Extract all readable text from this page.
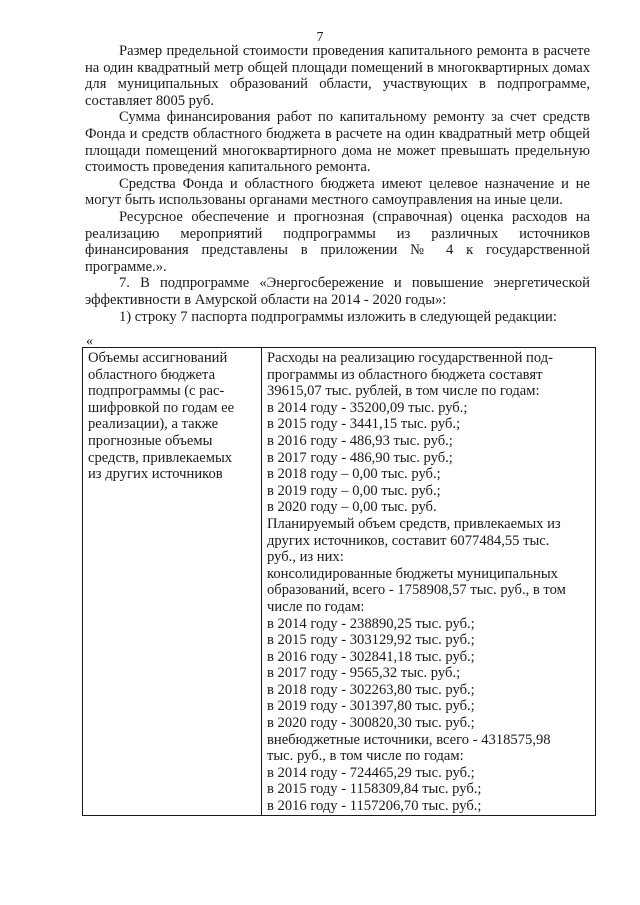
7

Размер предельной стоимости проведения капитального ремонта в расчете на один квадратный метр общей площади помещений в многоквартирных домах для муниципальных образований области, участвующих в подпрограмме, составляет 8005 руб.

Сумма финансирования работ по капитальному ремонту за счет средств Фонда и средств областного бюджета в расчете на один квадратный метр общей площади помещений многоквартирного дома не может превышать предельную стоимость проведения капитального ремонта.

Средства Фонда и областного бюджета имеют целевое назначение и не могут быть использованы органами местного самоуправления на иные цели.

Ресурсное обеспечение и прогнозная (справочная) оценка расходов на реализацию мероприятий подпрограммы из различных источников финансирования представлены в приложении № 4 к государственной программе.».

7. В подпрограмме «Энергосбережение и повышение энергетической эффективности в Амурской области на 2014 - 2020 годы»:

1) строку 7 паспорта подпрограммы изложить в следующей редакции:

«
Объемы ассигнований
областного бюджета
подпрограммы (с рас-
шифровкой по годам ее
реализации), а также
прогнозные объемы
средств, привлекаемых
из других источников

Расходы на реализацию государственной под-
программы из областного бюджета составят
39615,07 тыс. рублей, в том числе по годам:
в 2014 году - 35200,09 тыс. руб.;
в 2015 году - 3441,15 тыс. руб.;
в 2016 году - 486,93 тыс. руб.;
в 2017 году - 486,90 тыс. руб.;
в 2018 году – 0,00 тыс. руб.;
в 2019 году – 0,00 тыс. руб.;
в 2020 году – 0,00 тыс. руб.
Планируемый объем средств, привлекаемых из
других источников, составит 6077484,55 тыс.
руб., из них:
консолидированные бюджеты муниципальных
образований, всего - 1758908,57 тыс. руб., в том
числе по годам:
в 2014 году - 238890,25 тыс. руб.;
в 2015 году - 303129,92 тыс. руб.;
в 2016 году - 302841,18 тыс. руб.;
в 2017 году - 9565,32 тыс. руб.;
в 2018 году - 302263,80 тыс. руб.;
в 2019 году - 301397,80 тыс. руб.;
в 2020 году - 300820,30 тыс. руб.;
внебюджетные источники, всего - 4318575,98
тыс. руб., в том числе по годам:
в 2014 году - 724465,29 тыс. руб.;
в 2015 году - 1158309,84 тыс. руб.;
в 2016 году - 1157206,70 тыс. руб.;
